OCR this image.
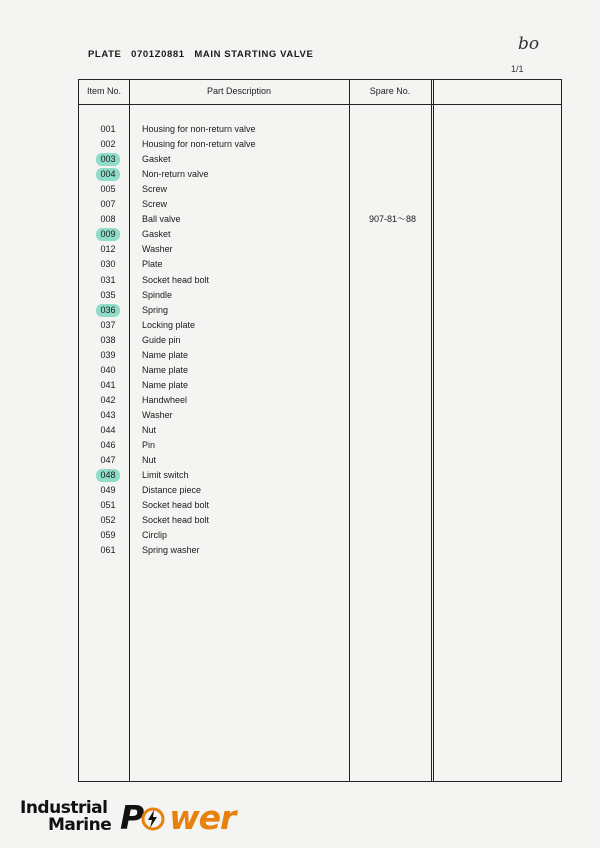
PLATE 0701Z0881 MAIN STARTING VALVE
bo
1/1
Item No.	Part Description	Spare No.
001	Housing for non-return valve
002	Housing for non-return valve
003	Gasket
004	Non-return valve
005	Screw
007	Screw
008	Ball valve	907-81～88
009	Gasket
012	Washer
030	Plate
031	Socket head bolt
035	Spindle
036	Spring
037	Locking plate
038	Guide pin
039	Name plate
040	Name plate
041	Name plate
042	Handwheel
043	Washer
044	Nut
046	Pin
047	Nut
048	Limit switch
049	Distance piece
051	Socket head bolt
052	Socket head bolt
059	Circlip
061	Spring washer
Industrial
Marine P wer
